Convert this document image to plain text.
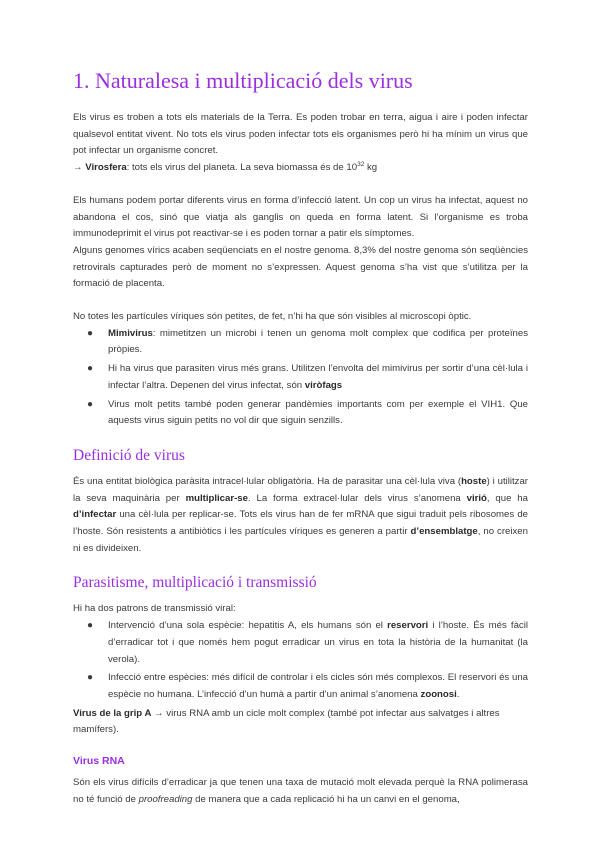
1. Naturalesa i multiplicació dels virus

Els virus es troben a tots els materials de la Terra. Es poden trobar en terra, aigua i aire i poden infectar qualsevol entitat vivent. No tots els virus poden infectar tots els organismes però hi ha mínim un virus que pot infectar un organisme concret.
→ Virosfera: tots els virus del planeta. La seva biomassa és de $10^{32}$ kg

Els humans podem portar diferents virus en forma d’infecció latent. Un cop un virus ha infectat, aquest no abandona el cos, sinó que viatja als ganglis on queda en forma latent. Si l’organisme es troba immunodeprimit el virus pot reactivar-se i es poden tornar a patir els símptomes.
Alguns genomes vírics acaben seqüenciats en el nostre genoma. 8,3% del nostre genoma són seqüències retrovirals capturades però de moment no s’expressen. Aquest genoma s’ha vist que s’utilitza per la formació de placenta.

No totes les partícules víriques són petites, de fet, n’hi ha que són visibles al microscopi òptic.

● Mimivirus: mimetitzen un microbi i tenen un genoma molt complex que codifica per proteïnes pròpies.
● Hi ha virus que parasiten virus més grans. Utilitzen l’envolta del mimivirus per sortir d’una cèl·lula i infectar l’altra. Depenen del virus infectat, són viròfags
● Virus molt petits també poden generar pandèmies importants com per exemple el VIH1. Que aquests virus siguin petits no vol dir que siguin senzills.
Definició de virus

És una entitat biològica paràsita intracel·lular obligatòria. Ha de parasitar una cèl·lula viva (hoste) i utilitzar la seva maquinària per multiplicar-se. La forma extracel·lular dels virus s’anomena virió, que ha d’infectar una cèl·lula per replicar-se. Tots els virus han de fer mRNA que sigui traduit pels ribosomes de l’hoste. Són resistents a antibiòtics i les partícules víriques es generen a partir d’ensemblatge, no creixen ni es divideixen.

Parasitisme, multiplicació i transmissió

Hi ha dos patrons de transmissió viral:

● Intervenció d’una sola espècie: hepatitis A, els humans són el reservori i l’hoste. És més fàcil d’erradicar tot i que només hem pogut erradicar un virus en tota la història de la humanitat (la verola).
● Infecció entre espècies: més difícil de controlar i els cicles són més complexos. El reservori és una espècie no humana. L’infecció d’un humà a partir d’un animal s’anomena zoonosi.

Virus de la grip A → virus RNA amb un cicle molt complex (també pot infectar aus salvatges i altres mamífers).

Virus RNA

Són els virus difícils d’erradicar ja que tenen una taxa de mutació molt elevada perquè la RNA polimerasa no té funció de proofreading de manera que a cada replicació hi ha un canvi en el genoma,
